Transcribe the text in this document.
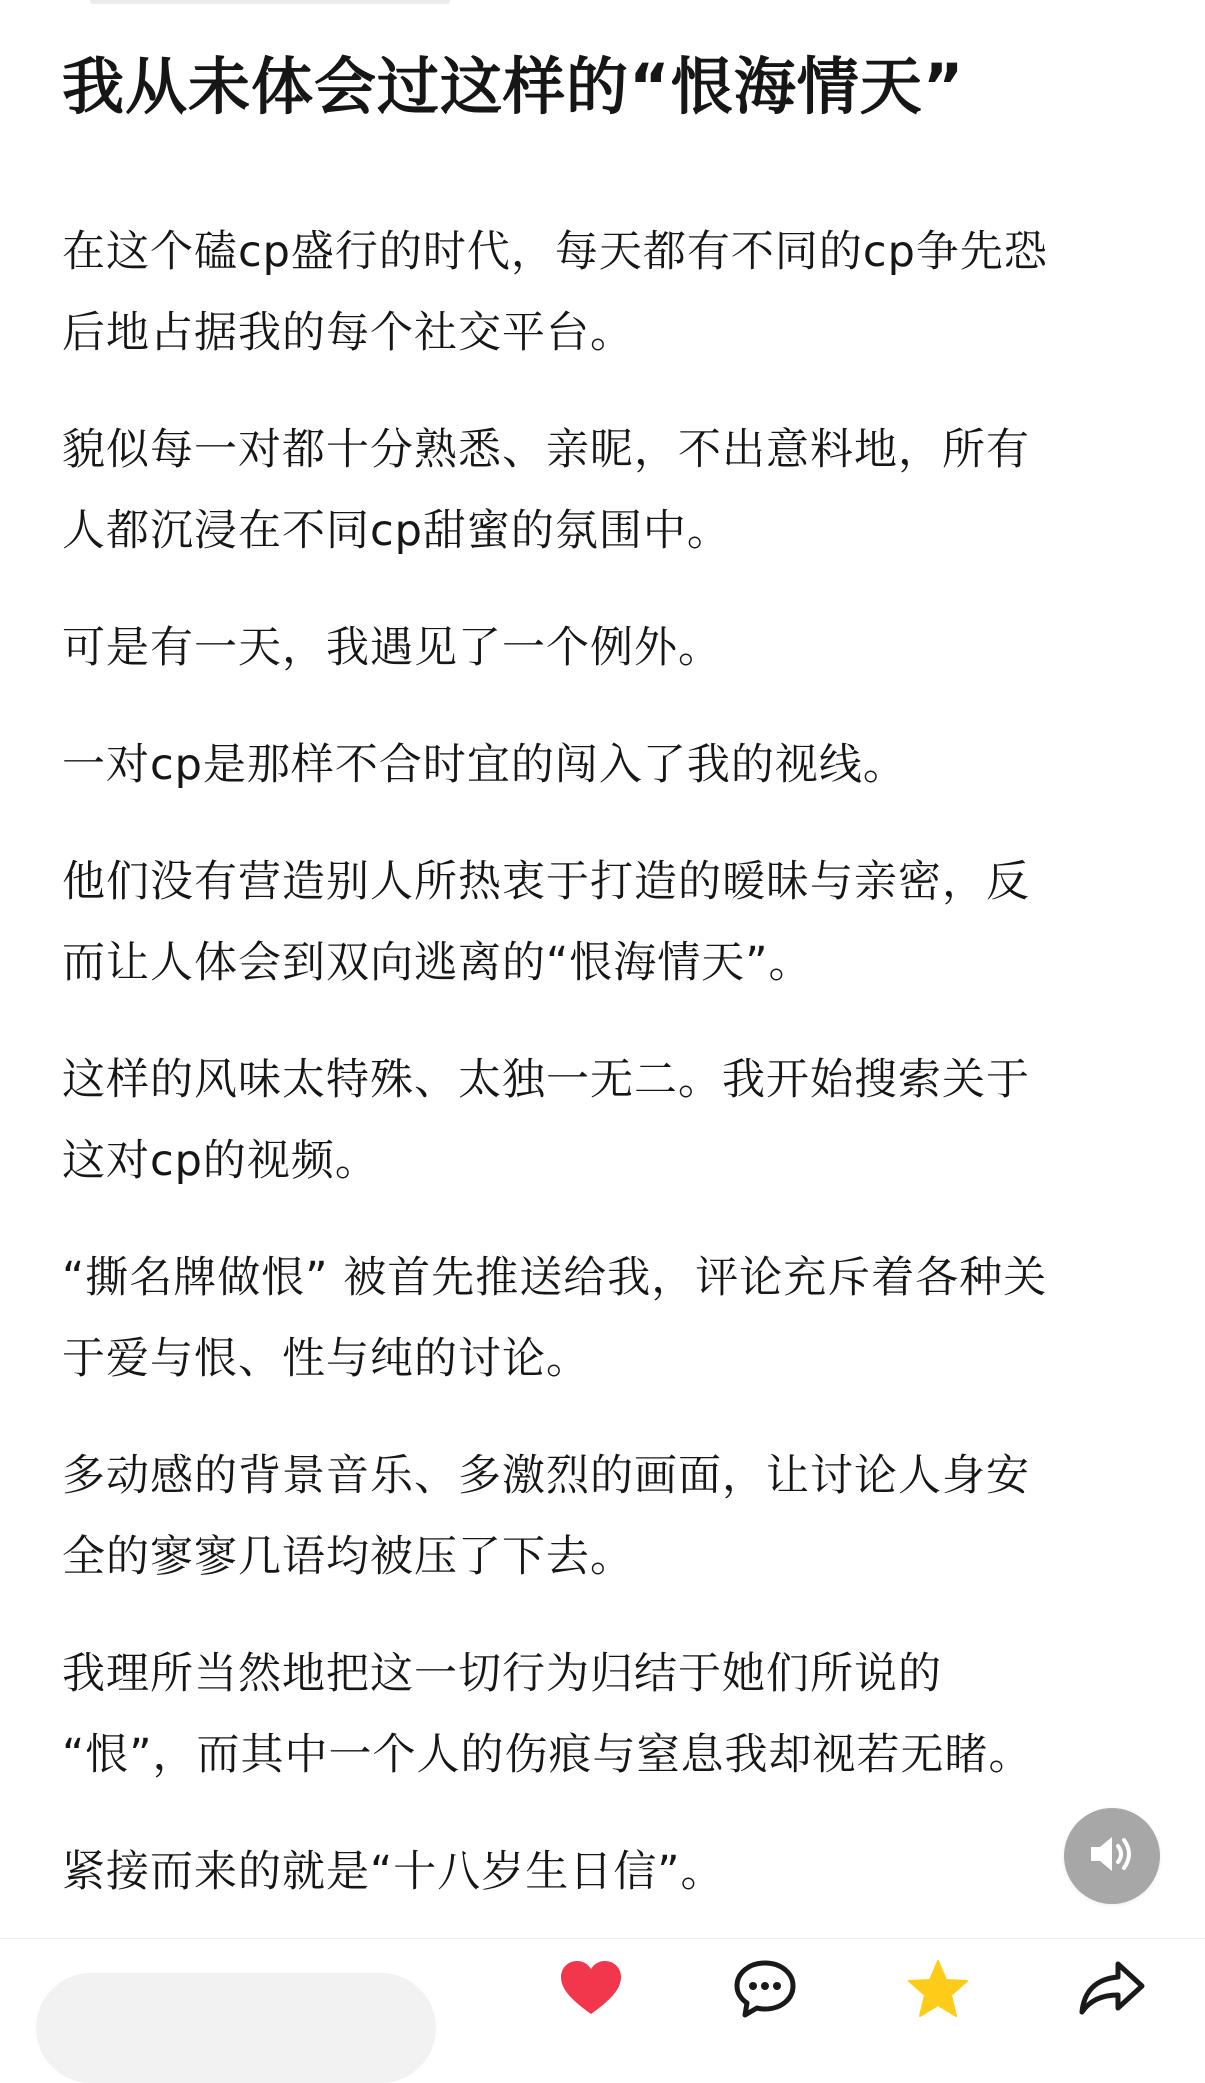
我从未体会过这样的“恨海情天”

在这个磕cp盛行的时代，每天都有不同的cp争先恐
后地占据我的每个社交平台。

貌似每一对都十分熟悉、亲昵，不出意料地，所有
人都沉浸在不同cp甜蜜的氛围中。

可是有一天，我遇见了一个例外。

一对cp是那样不合时宜的闯入了我的视线。

他们没有营造别人所热衷于打造的暧昧与亲密，反
而让人体会到双向逃离的“恨海情天”。

这样的风味太特殊、太独一无二。我开始搜索关于
这对cp的视频。

“撕名牌做恨” 被首先推送给我，评论充斥着各种关
于爱与恨、性与纯的讨论。

多动感的背景音乐、多激烈的画面，让讨论人身安
全的寥寥几语均被压了下去。

我理所当然地把这一切行为归结于她们所说的
“恨”，而其中一个人的伤痕与窒息我却视若无睹。

紧接而来的就是“十八岁生日信”。
